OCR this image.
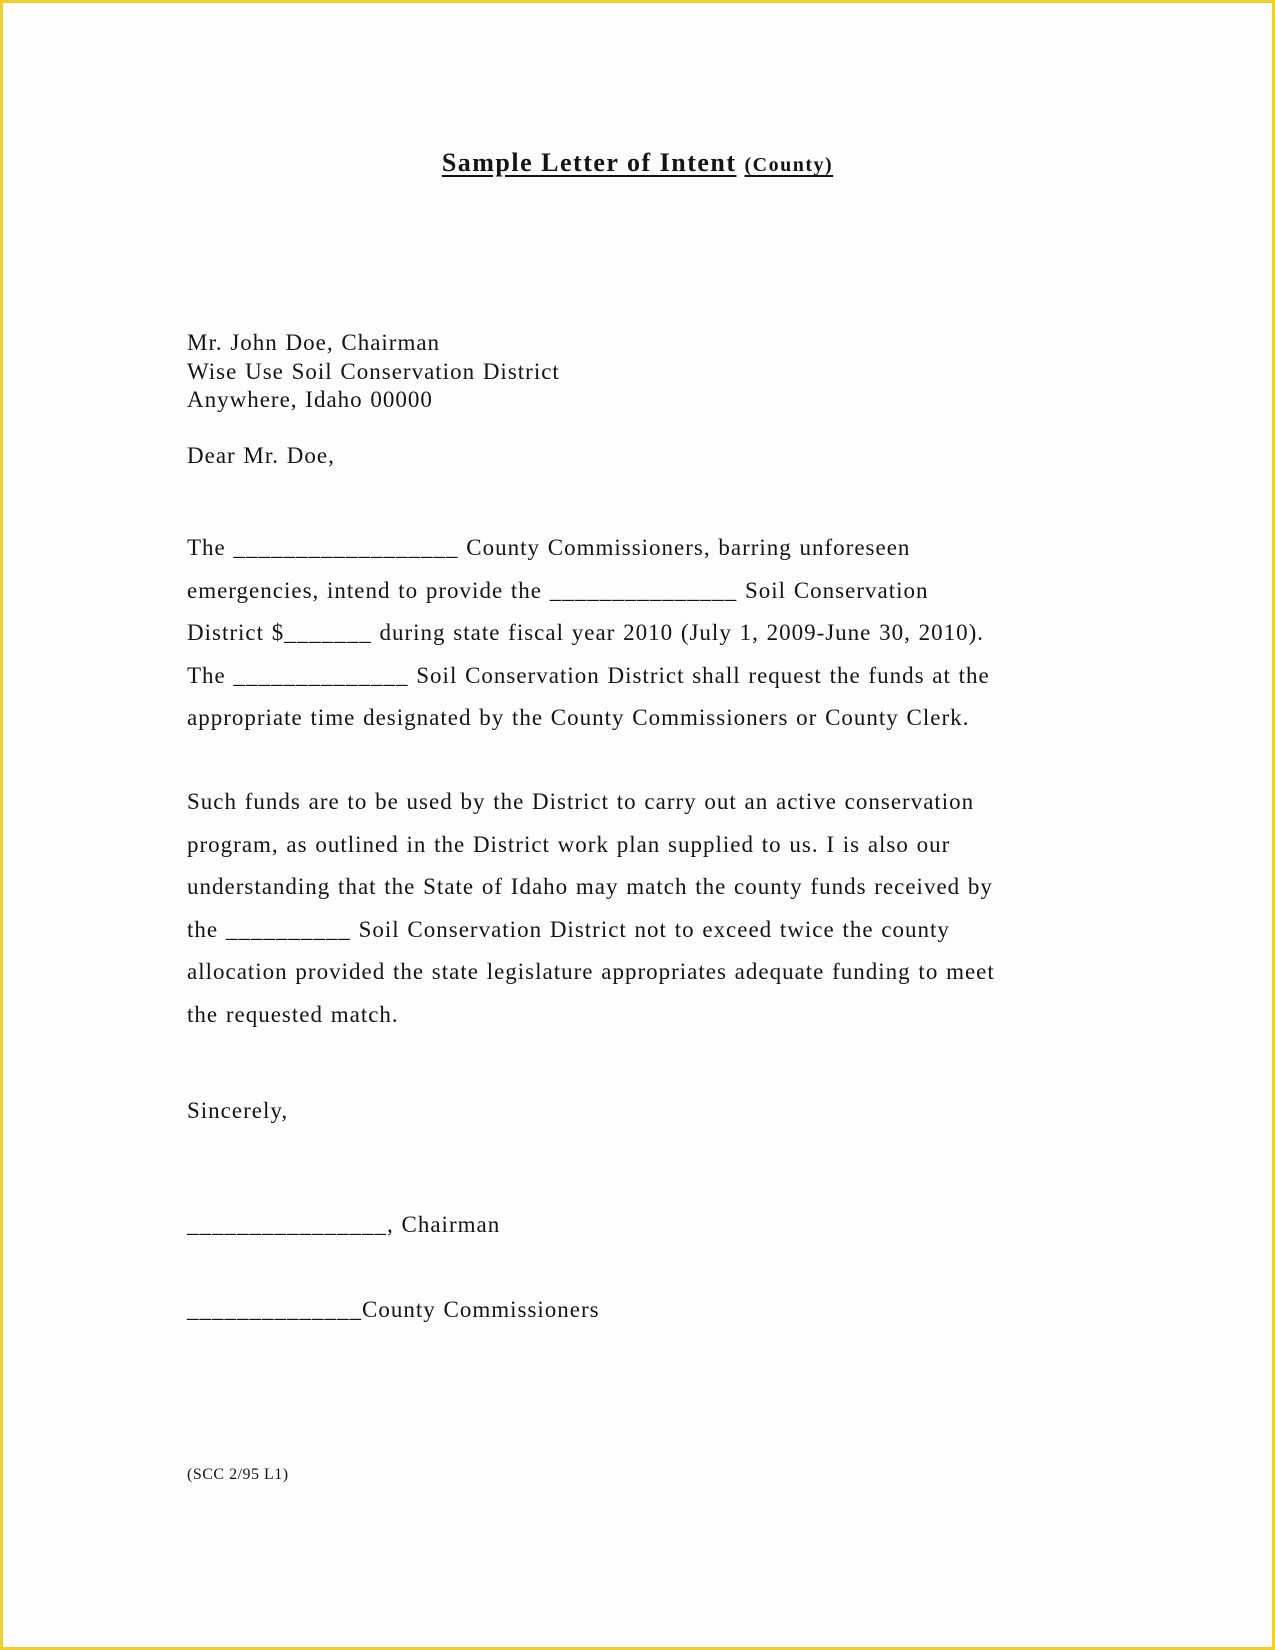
Sample Letter of Intent (County)
Mr. John Doe, Chairman
Wise Use Soil Conservation District
Anywhere, Idaho 00000
Dear Mr. Doe,
The __________________ County Commissioners, barring unforeseen
emergencies, intend to provide the _______________ Soil Conservation
District $_______ during state fiscal year 2010 (July 1, 2009-June 30, 2010).
The ______________ Soil Conservation District shall request the funds at the
appropriate time designated by the County Commissioners or County Clerk.
Such funds are to be used by the District to carry out an active conservation
program, as outlined in the District work plan supplied to us. I is also our
understanding that the State of Idaho may match the county funds received by
the __________ Soil Conservation District not to exceed twice the county
allocation provided the state legislature appropriates adequate funding to meet
the requested match.
Sincerely,
________________, Chairman
______________County Commissioners
(SCC 2/95 L1)
